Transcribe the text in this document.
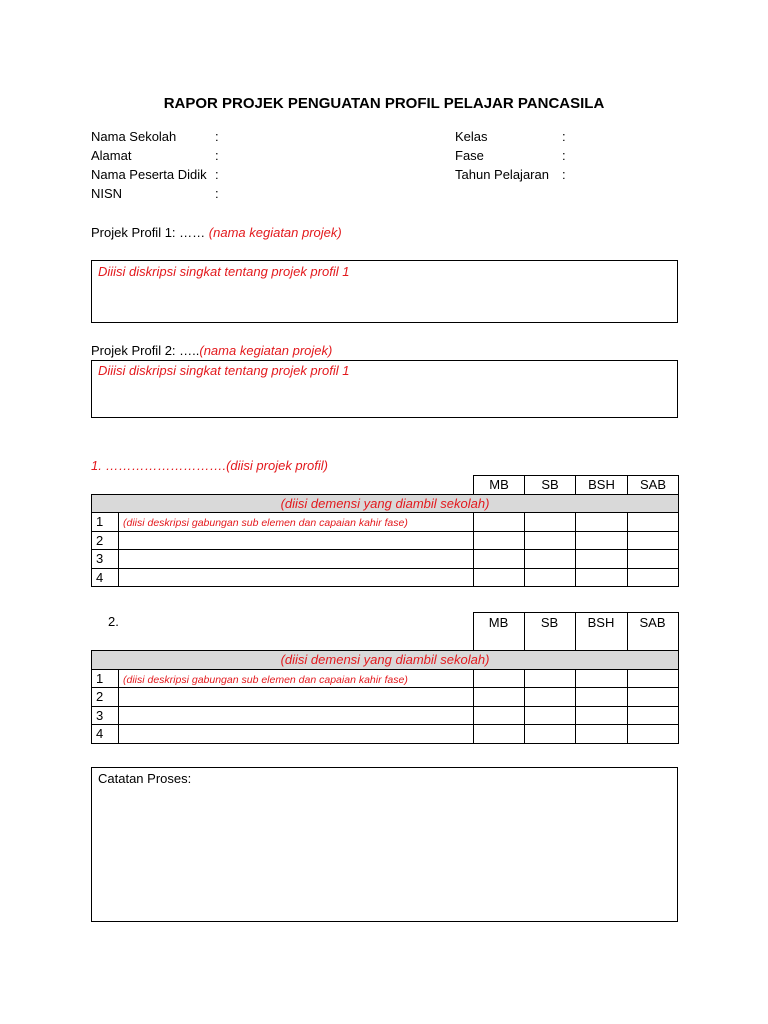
RAPOR PROJEK PENGUATAN PROFIL PELAJAR PANCASILA
Nama Sekolah	:
Alamat	:
Nama Peserta Didik :
NISN	:
Kelas	:
Fase	:
Tahun Pelajaran :
Projek Profil 1: …… (nama kegiatan projek)
Diiisi diskripsi singkat tentang projek profil 1
Projek Profil 2: …..(nama kegiatan projek)
Diiisi diskripsi singkat tentang projek profil 1
1. ……………………….(diisi projek profil)
		MB	SB	BSH	SAB
(diisi demensi yang diambil sekolah)					
1	(diisi deskripsi gabungan sub elemen dan capaian kahir fase)				
2					
3					
4					
2.
			MB	SB	BSH	SAB
(diisi demensi yang diambil sekolah)					
1	(diisi deskripsi gabungan sub elemen dan capaian kahir fase)				
2					
3					
4					
Catatan Proses:
